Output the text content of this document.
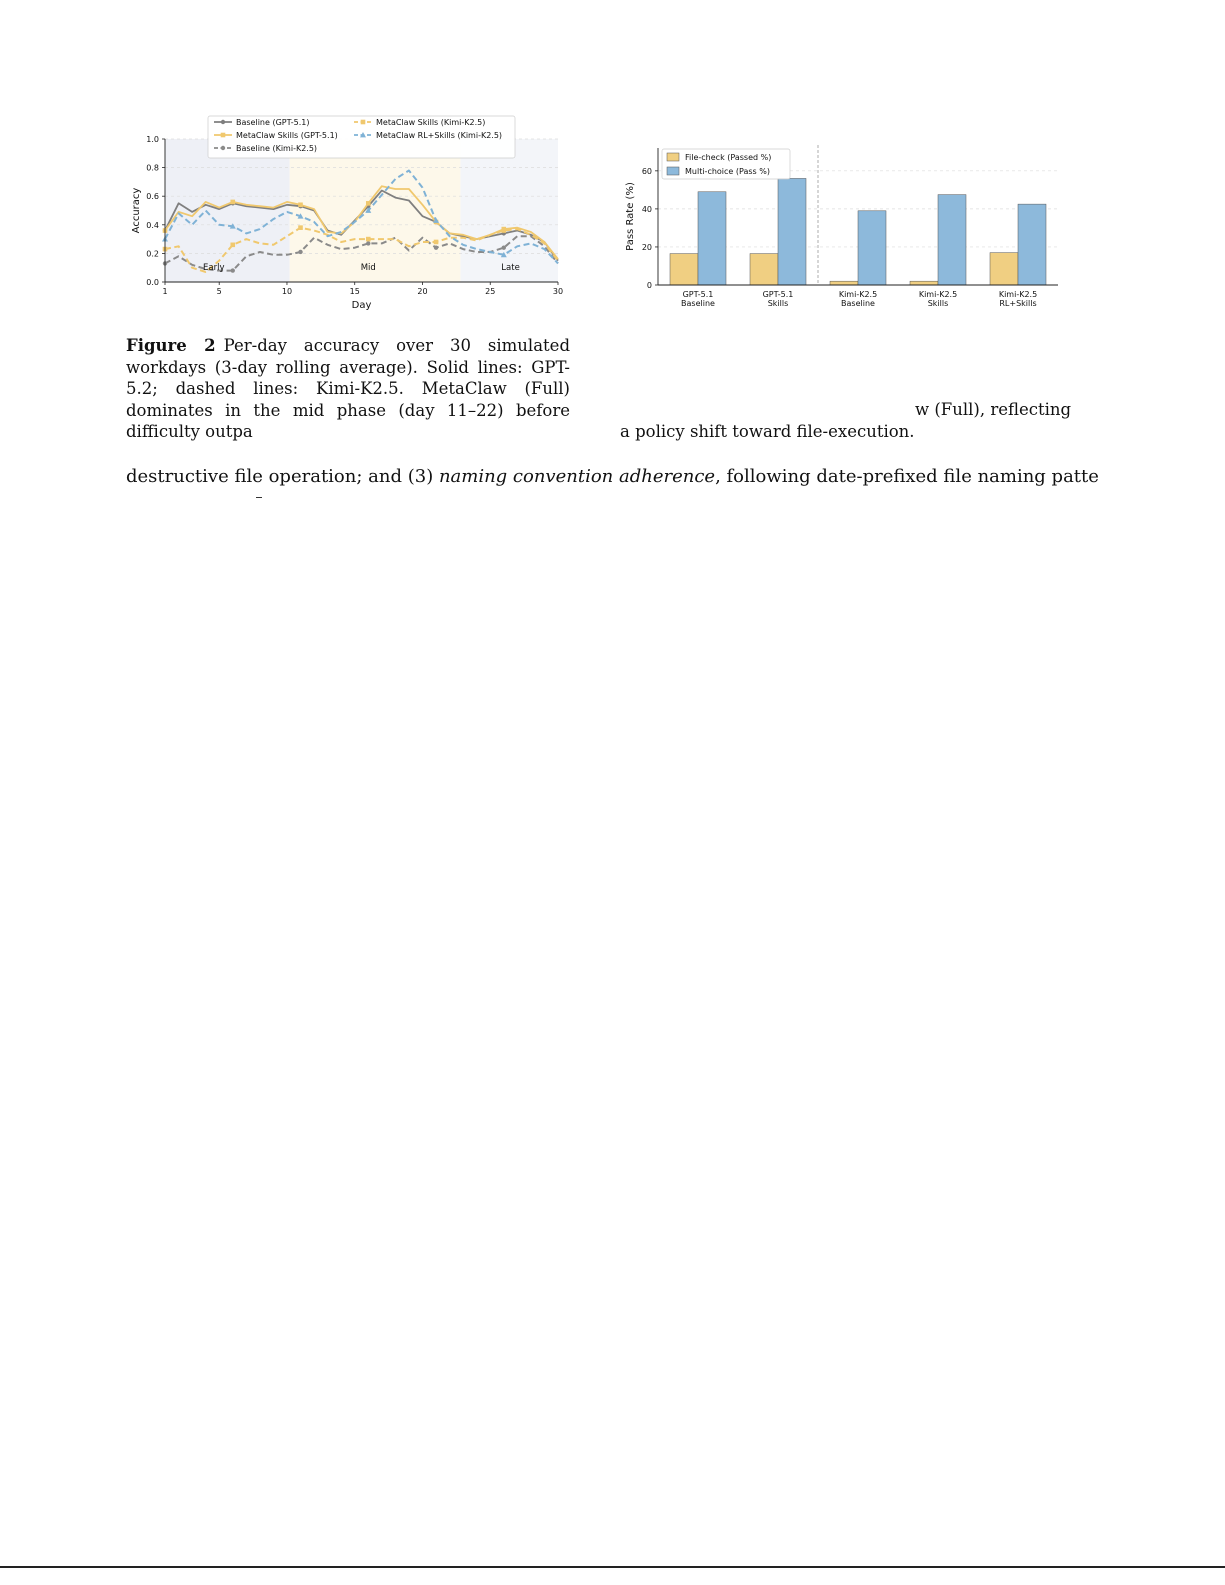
0.0
0.2
0.4
0.6
0.8
1.0
1	5	10	15	20	25	30
Early	Mid	Late
Baseline (GPT-5.1)
MetaClaw Skills (GPT-5.1)
Baseline (Kimi-K2.5)
MetaClaw Skills (Kimi-K2.5)
MetaClaw RL+Skills (Kimi-K2.5)
Day
Accuracy
GPT-5.1
Baseline
GPT-5.1
Skills
Kimi-K2.5
Baseline
Kimi-K2.5
Skills
Kimi-K2.5
RL+Skills
0
20
40
60
File-check (Passed %)
Multi-choice (Pass %)
Pass Rate (%)
Figure 2 Per-day accuracy over 30 simulated workdays (3-day rolling average). Solid lines: GPT-5.2; dashed lines: Kimi-K2.5. MetaClaw (Full) dominates in the mid phase (day 11–22) before difficulty outpa
w (Full), reflecting
a policy shift toward file-execution.
destructive file operation; and (3) naming convention adherence, following date-prefixed file naming patte
